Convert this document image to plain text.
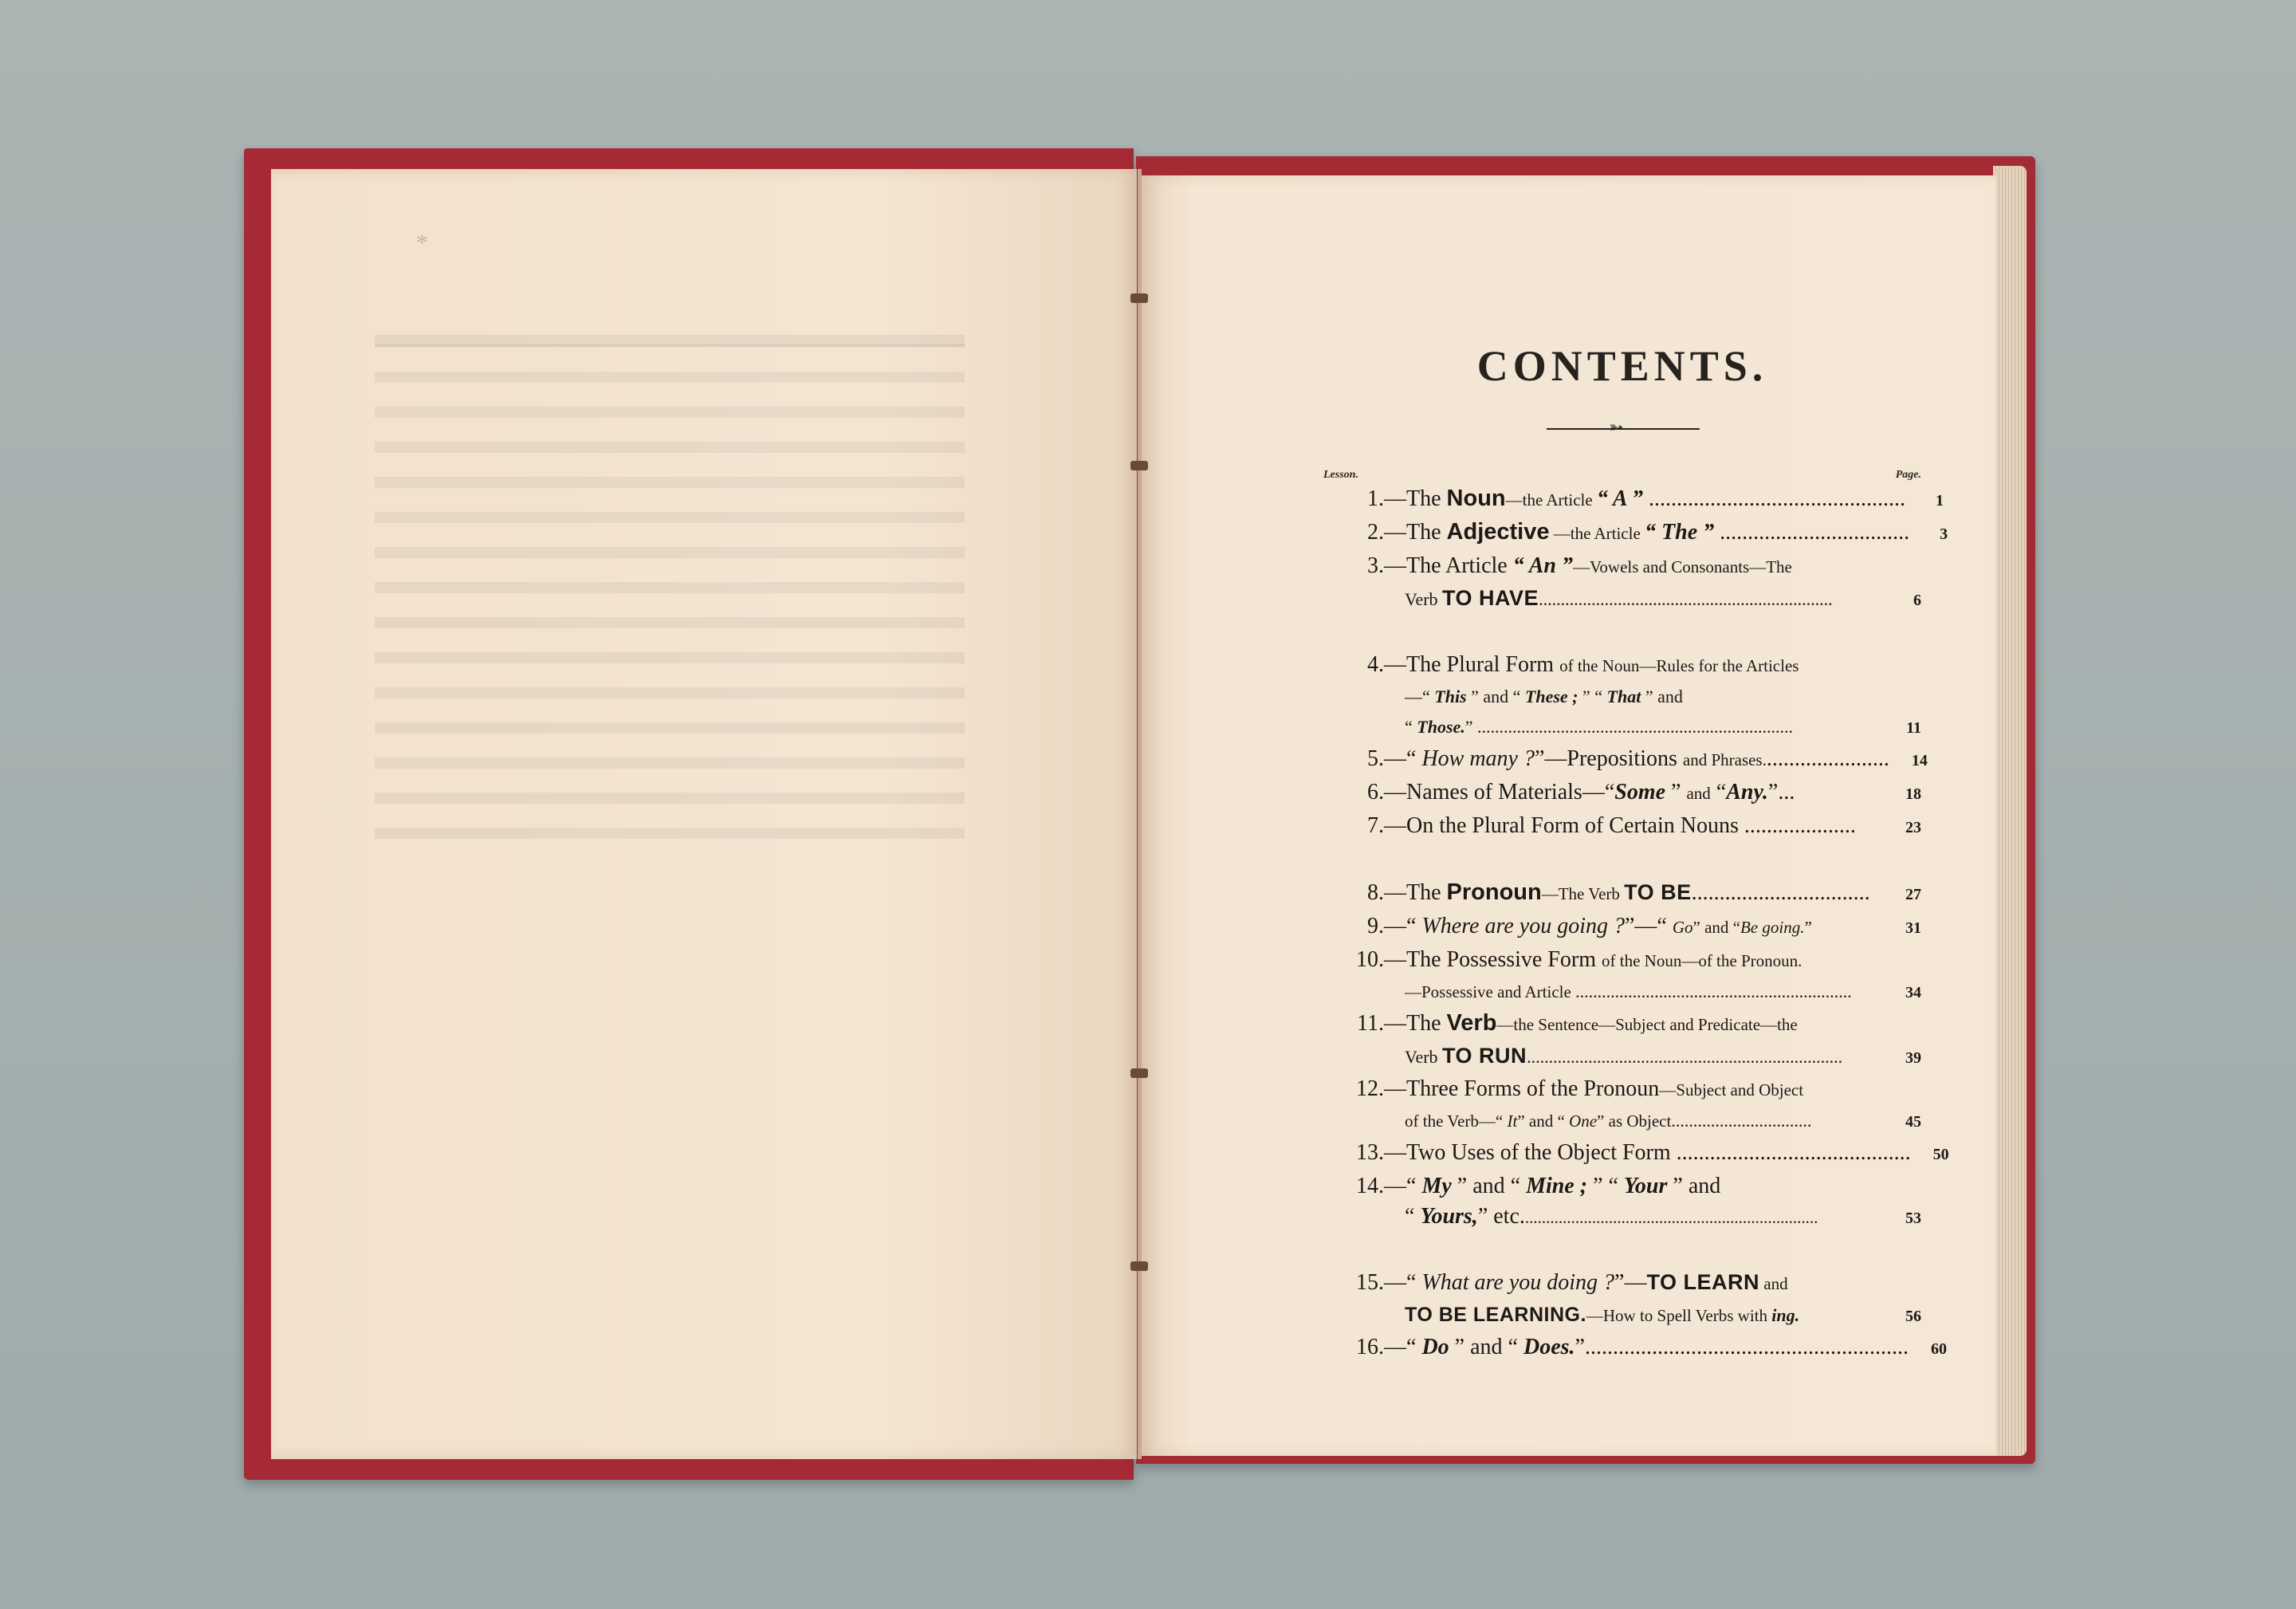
*
CONTENTS.
➳
Lesson.	Page.
1. —The Noun—the Article “ A ” ..............................................	1
2. —The Adjective —the Article “ The ” ..................................	3
3. —The Article “ An ”—Vowels and Consonants—The
Verb TO HAVE...................................................................	6
4. —The Plural Form of the Noun—Rules for the Articles
—“ This ” and “ These ; ” “ That ” and
“ Those.” ........................................................................	11
5. —“ How many ?”—Prepositions and Phrases.......................	14
6. —Names of Materials—“Some ” and “Any.”...	18
7. —On the Plural Form of Certain Nouns ....................	23
8. —The Pronoun—The Verb TO BE................................	27
9. —“ Where are you going ?”—“ Go” and “Be going.”	31
10. —The Possessive Form of the Noun—of the Pronoun.
—Possessive and Article ...............................................................	34
11. —The Verb—the Sentence—Subject and Predicate—the
Verb TO RUN........................................................................	39
12. —Three Forms of the Pronoun—Subject and Object
of the Verb—“ It” and “ One” as Object................................	45
13. —Two Uses of the Object Form ..........................................	50
14. —“ My ” and “ Mine ; ” “ Your ” and
“ Yours,” etc.......................................................................	53
15. —“ What are you doing ?”—TO LEARN and
TO BE LEARNING.—How to Spell Verbs with ing.	56
16. —“ Do ” and “ Does.”..........................................................	60
